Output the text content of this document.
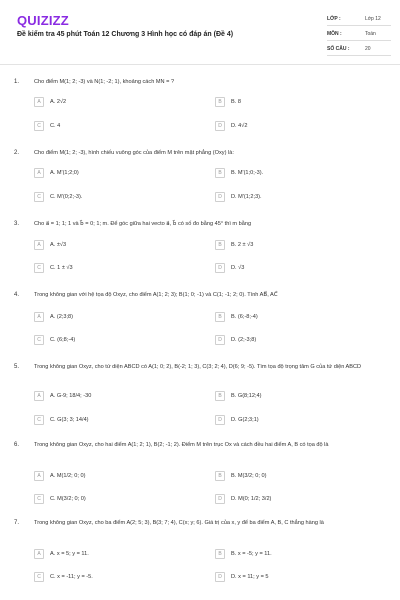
QUIZIZZ
Đề kiểm tra 45 phút Toán 12 Chương 3 Hình học có đáp án (Đề 4)
LỚP :	Lớp 12
MÔN :	Toán
SỐ CÂU :	20
1.	Cho điểm M(1; 2; -3) và N(1; -2; 1), khoảng cách MN = ?
A	A. 2√2	B	B. 8
C	C. 4	D	D. 4√2
2.	Cho điểm M(1; 2; -3), hình chiếu vuông góc của điểm M trên mặt phẳng (Oxy) là:
A	A. M'(1;2;0)	B	B. M'(1;0;-3).
C	C. M'(0;2;-3).	D	D. M'(1;2;3).
3.	Cho a⃗ = 1; 1; 1 và b⃗ = 0; 1; m. Để góc giữa hai vecto a⃗, b⃗ có số đo bằng 45° thì m bằng
A	A. ±√3	B	B. 2 ± √3
C	C. 1 ± √3	D	D. √3
4.	Trong không gian với hệ tọa độ Oxyz, cho điểm A(1; 2; 3); B(1; 0; -1) và C(1; -1; 2; 0). Tính AB⃗, AC⃗
A	A. (2;3;8)	B	B. (6;-8;-4)
C	C. (6;8;-4)	D	D. (2;-3;8)
5.	Trong không gian Oxyz, cho tứ diện ABCD có A(1; 0; 2), B(-2; 1; 3), C(3; 2; 4), D(6; 9; -5). Tìm tọa độ trọng tâm G của tứ diện ABCD
A	A. G-9; 18/4; -30	B	B. G(8;12;4)
C	C. G(3; 3; 14/4)	D	D. G(2;3;1)
6.	Trong không gian Oxyz, cho hai điểm A(1; 2; 1), B(2; -1; 2). Điểm M trên trục Ox và cách đều hai điểm A, B có tọa độ là
A	A. M(1/2; 0; 0)	B	B. M(3/2; 0; 0)
C	C. M(3/2; 0; 0)	D	D. M(0; 1/2; 3/2)
7.	Trong không gian Oxyz, cho ba điểm A(2; 5; 3), B(3; 7; 4), C(x; y; 6). Giá trị của x, y để ba điểm A, B, C thẳng hàng là
A	A. x = 5; y = 11.	B	B. x = -5; y = 11.
C	C. x = -11; y = -5.	D	D. x = 11; y = 5
